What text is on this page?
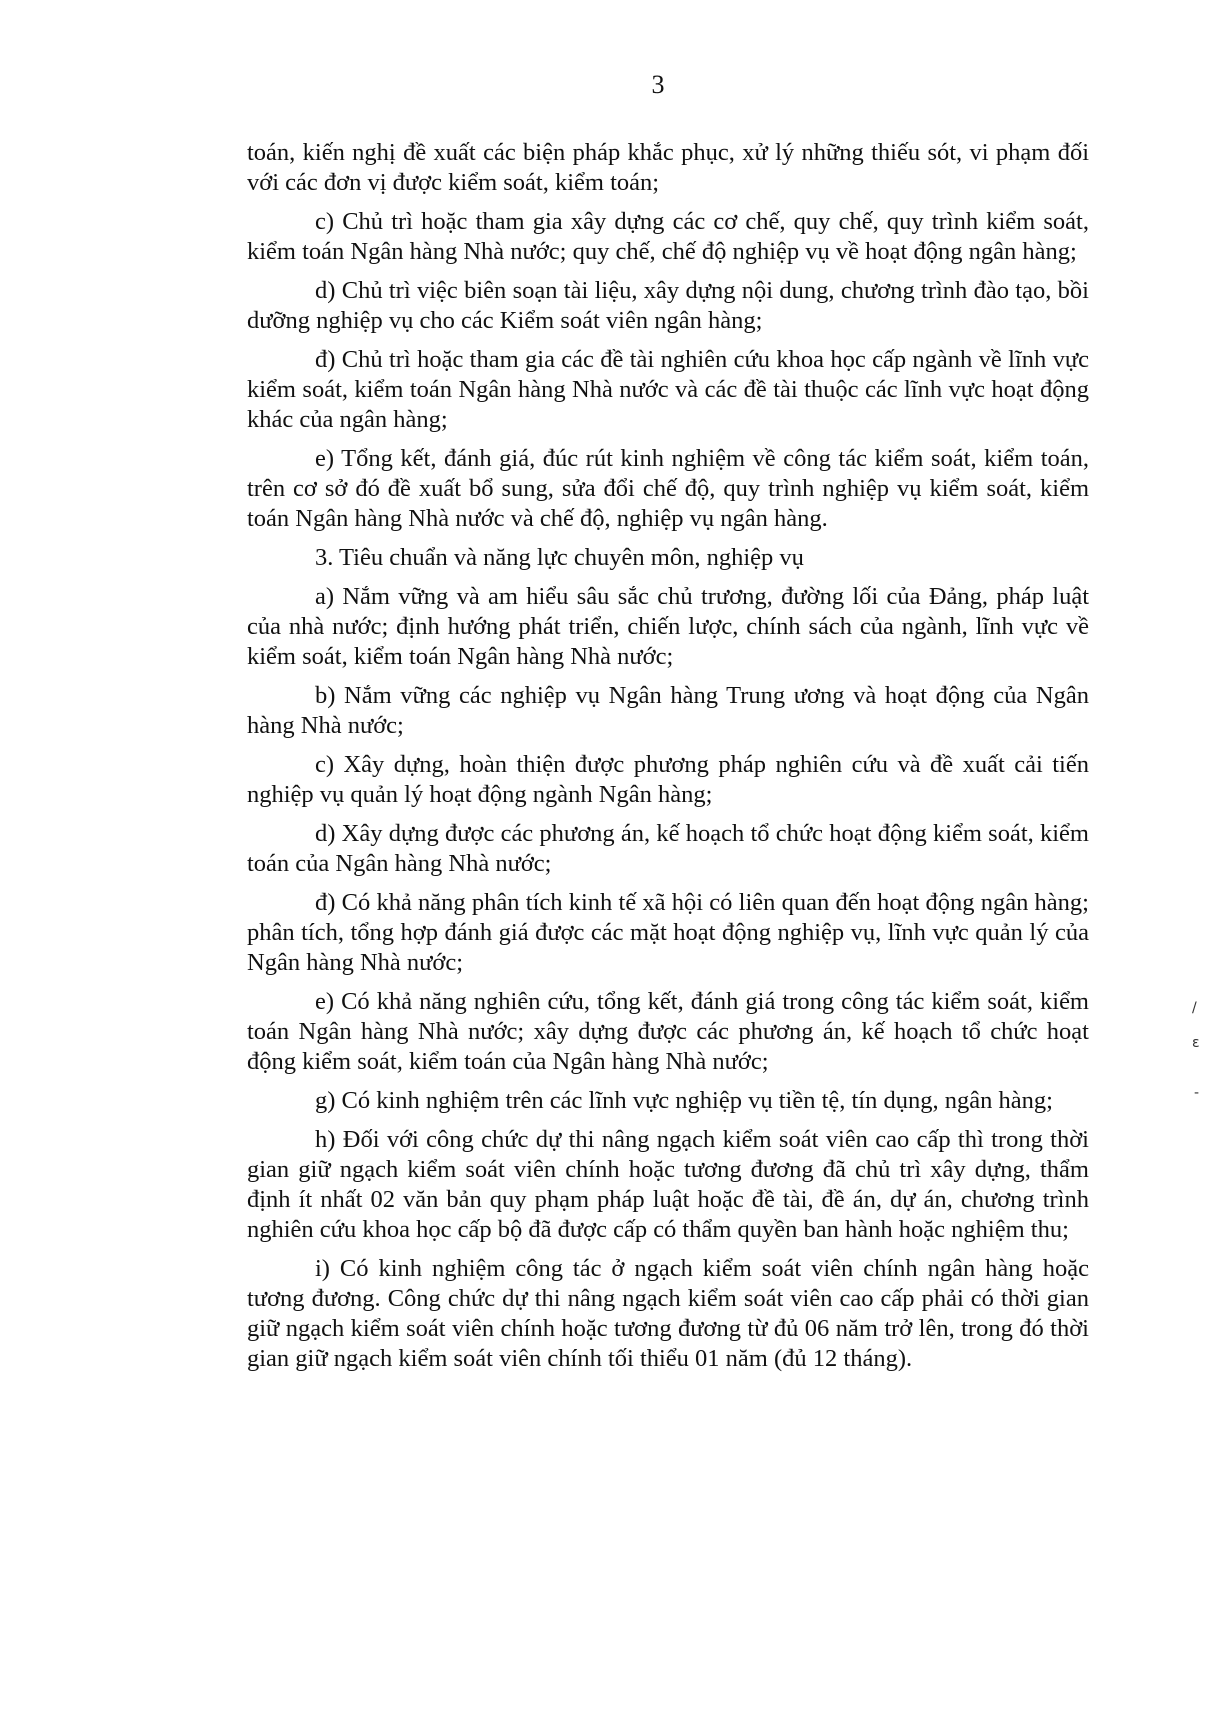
3

toán, kiến nghị đề xuất các biện pháp khắc phục, xử lý những thiếu sót, vi phạm đối với các đơn vị được kiểm soát, kiểm toán;

c) Chủ trì hoặc tham gia xây dựng các cơ chế, quy chế, quy trình kiểm soát, kiểm toán Ngân hàng Nhà nước; quy chế, chế độ nghiệp vụ về hoạt động ngân hàng;

d) Chủ trì việc biên soạn tài liệu, xây dựng nội dung, chương trình đào tạo, bồi dưỡng nghiệp vụ cho các Kiểm soát viên ngân hàng;

đ) Chủ trì hoặc tham gia các đề tài nghiên cứu khoa học cấp ngành về lĩnh vực kiểm soát, kiểm toán Ngân hàng Nhà nước và các đề tài thuộc các lĩnh vực hoạt động khác của ngân hàng;

e) Tổng kết, đánh giá, đúc rút kinh nghiệm về công tác kiểm soát, kiểm toán, trên cơ sở đó đề xuất bổ sung, sửa đổi chế độ, quy trình nghiệp vụ kiểm soát, kiểm toán Ngân hàng Nhà nước và chế độ, nghiệp vụ ngân hàng.

3. Tiêu chuẩn và năng lực chuyên môn, nghiệp vụ

a) Nắm vững và am hiểu sâu sắc chủ trương, đường lối của Đảng, pháp luật của nhà nước; định hướng phát triển, chiến lược, chính sách của ngành, lĩnh vực về kiểm soát, kiểm toán Ngân hàng Nhà nước;

b) Nắm vững các nghiệp vụ Ngân hàng Trung ương và hoạt động của Ngân hàng Nhà nước;

c) Xây dựng, hoàn thiện được phương pháp nghiên cứu và đề xuất cải tiến nghiệp vụ quản lý hoạt động ngành Ngân hàng;

d) Xây dựng được các phương án, kế hoạch tổ chức hoạt động kiểm soát, kiểm toán của Ngân hàng Nhà nước;

đ) Có khả năng phân tích kinh tế xã hội có liên quan đến hoạt động ngân hàng; phân tích, tổng hợp đánh giá được các mặt hoạt động nghiệp vụ, lĩnh vực quản lý của Ngân hàng Nhà nước;

e) Có khả năng nghiên cứu, tổng kết, đánh giá trong công tác kiểm soát, kiểm toán Ngân hàng Nhà nước; xây dựng được các phương án, kế hoạch tổ chức hoạt động kiểm soát, kiểm toán của Ngân hàng Nhà nước;

g) Có kinh nghiệm trên các lĩnh vực nghiệp vụ tiền tệ, tín dụng, ngân hàng;

h) Đối với công chức dự thi nâng ngạch kiểm soát viên cao cấp thì trong thời gian giữ ngạch kiểm soát viên chính hoặc tương đương đã chủ trì xây dựng, thẩm định ít nhất 02 văn bản quy phạm pháp luật hoặc đề tài, đề án, dự án, chương trình nghiên cứu khoa học cấp bộ đã được cấp có thẩm quyền ban hành hoặc nghiệm thu;

i) Có kinh nghiệm công tác ở ngạch kiểm soát viên chính ngân hàng hoặc tương đương. Công chức dự thi nâng ngạch kiểm soát viên cao cấp phải có thời gian giữ ngạch kiểm soát viên chính hoặc tương đương từ đủ 06 năm trở lên, trong đó thời gian giữ ngạch kiểm soát viên chính tối thiểu 01 năm (đủ 12 tháng).

/
ɛ
-
